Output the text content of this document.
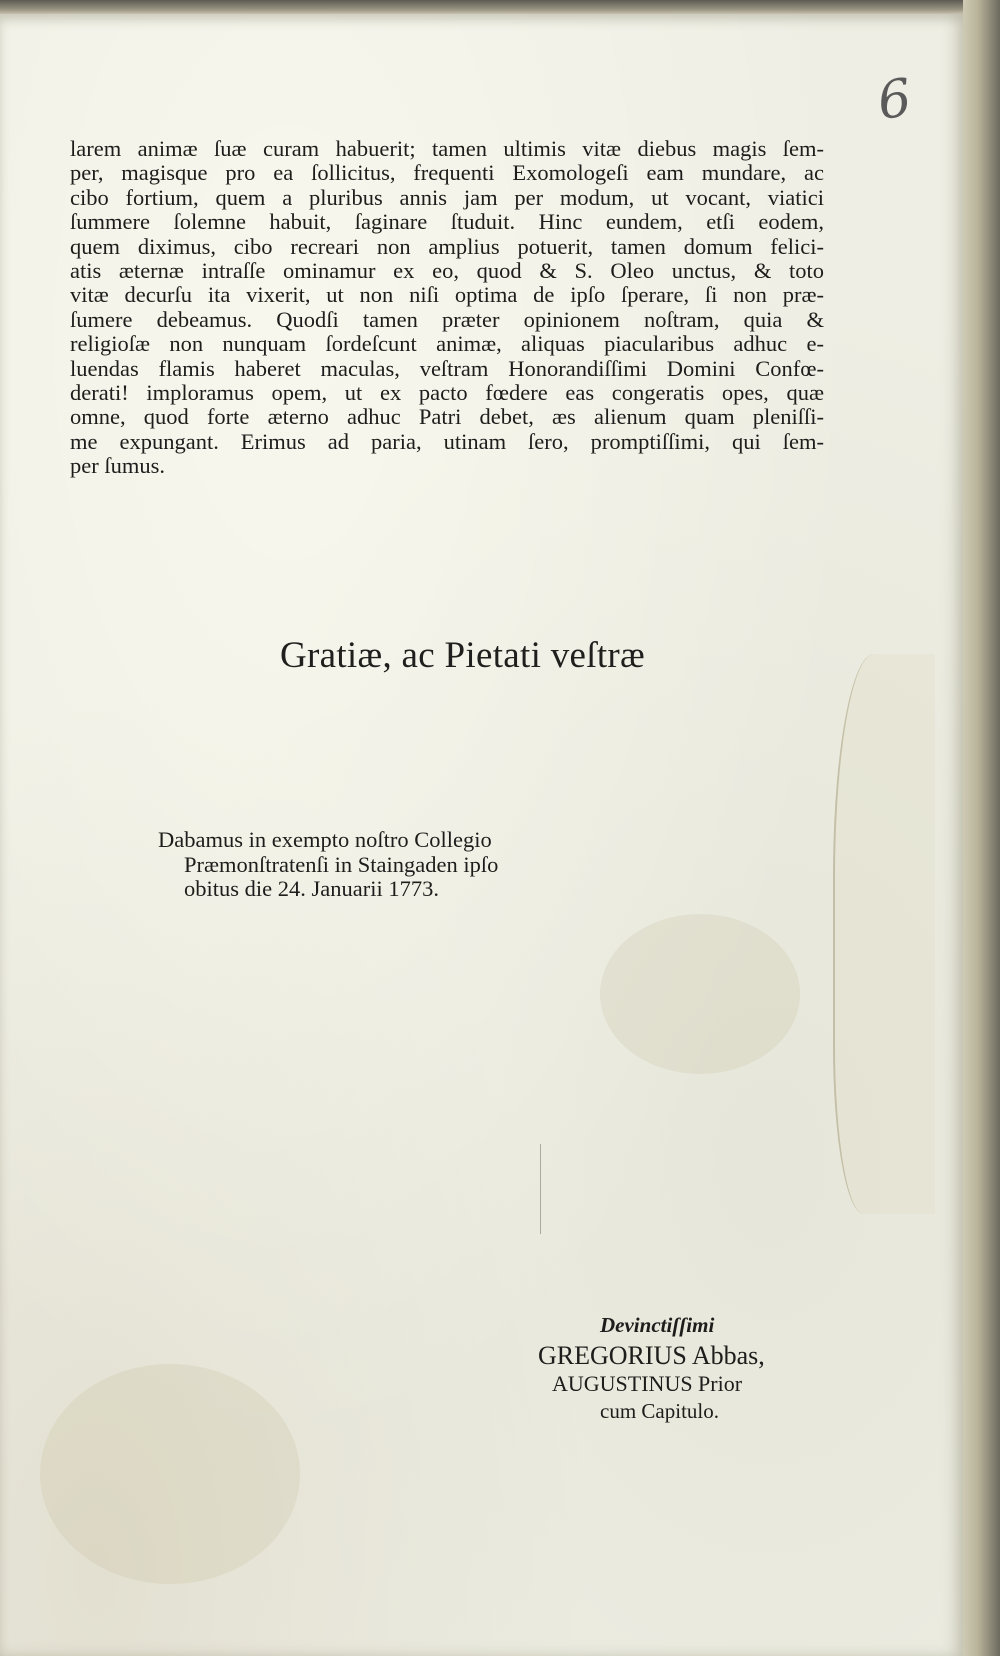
6
larem animæ ſuæ curam habuerit; tamen ultimis vitæ diebus magis ſem-
per, magisque pro ea ſollicitus, frequenti Exomologeſi eam mundare, ac
cibo fortium, quem a pluribus annis jam per modum, ut vocant, viatici
ſummere ſolemne habuit, ſaginare ſtuduit. Hinc eundem, etſi eodem,
quem diximus, cibo recreari non amplius potuerit, tamen domum felici-
atis æternæ intraſſe ominamur ex eo, quod & S. Oleo unctus, & toto
vitæ decurſu ita vixerit, ut non niſi optima de ipſo ſperare, ſi non præ-
ſumere debeamus. Quodſi tamen præter opinionem noſtram, quia &
religioſæ non nunquam ſordeſcunt animæ, aliquas piacularibus adhuc e-
luendas flamis haberet maculas, veſtram Honorandiſſimi Domini Confœ-
derati! imploramus opem, ut ex pacto fœdere eas congeratis opes, quæ
omne, quod forte æterno adhuc Patri debet, æs alienum quam pleniſſi-
me expungant. Erimus ad paria, utinam ſero, promptiſſimi, qui ſem-
per ſumus.
Gratiæ, ac Pietati veſtræ
Dabamus in exempto noſtro Collegio
Præmonſtratenſi in Staingaden ipſo
obitus die 24. Januarii 1773.
Devinctiſſimi
GREGORIUS Abbas,
AUGUSTINUS Prior
cum Capitulo.
